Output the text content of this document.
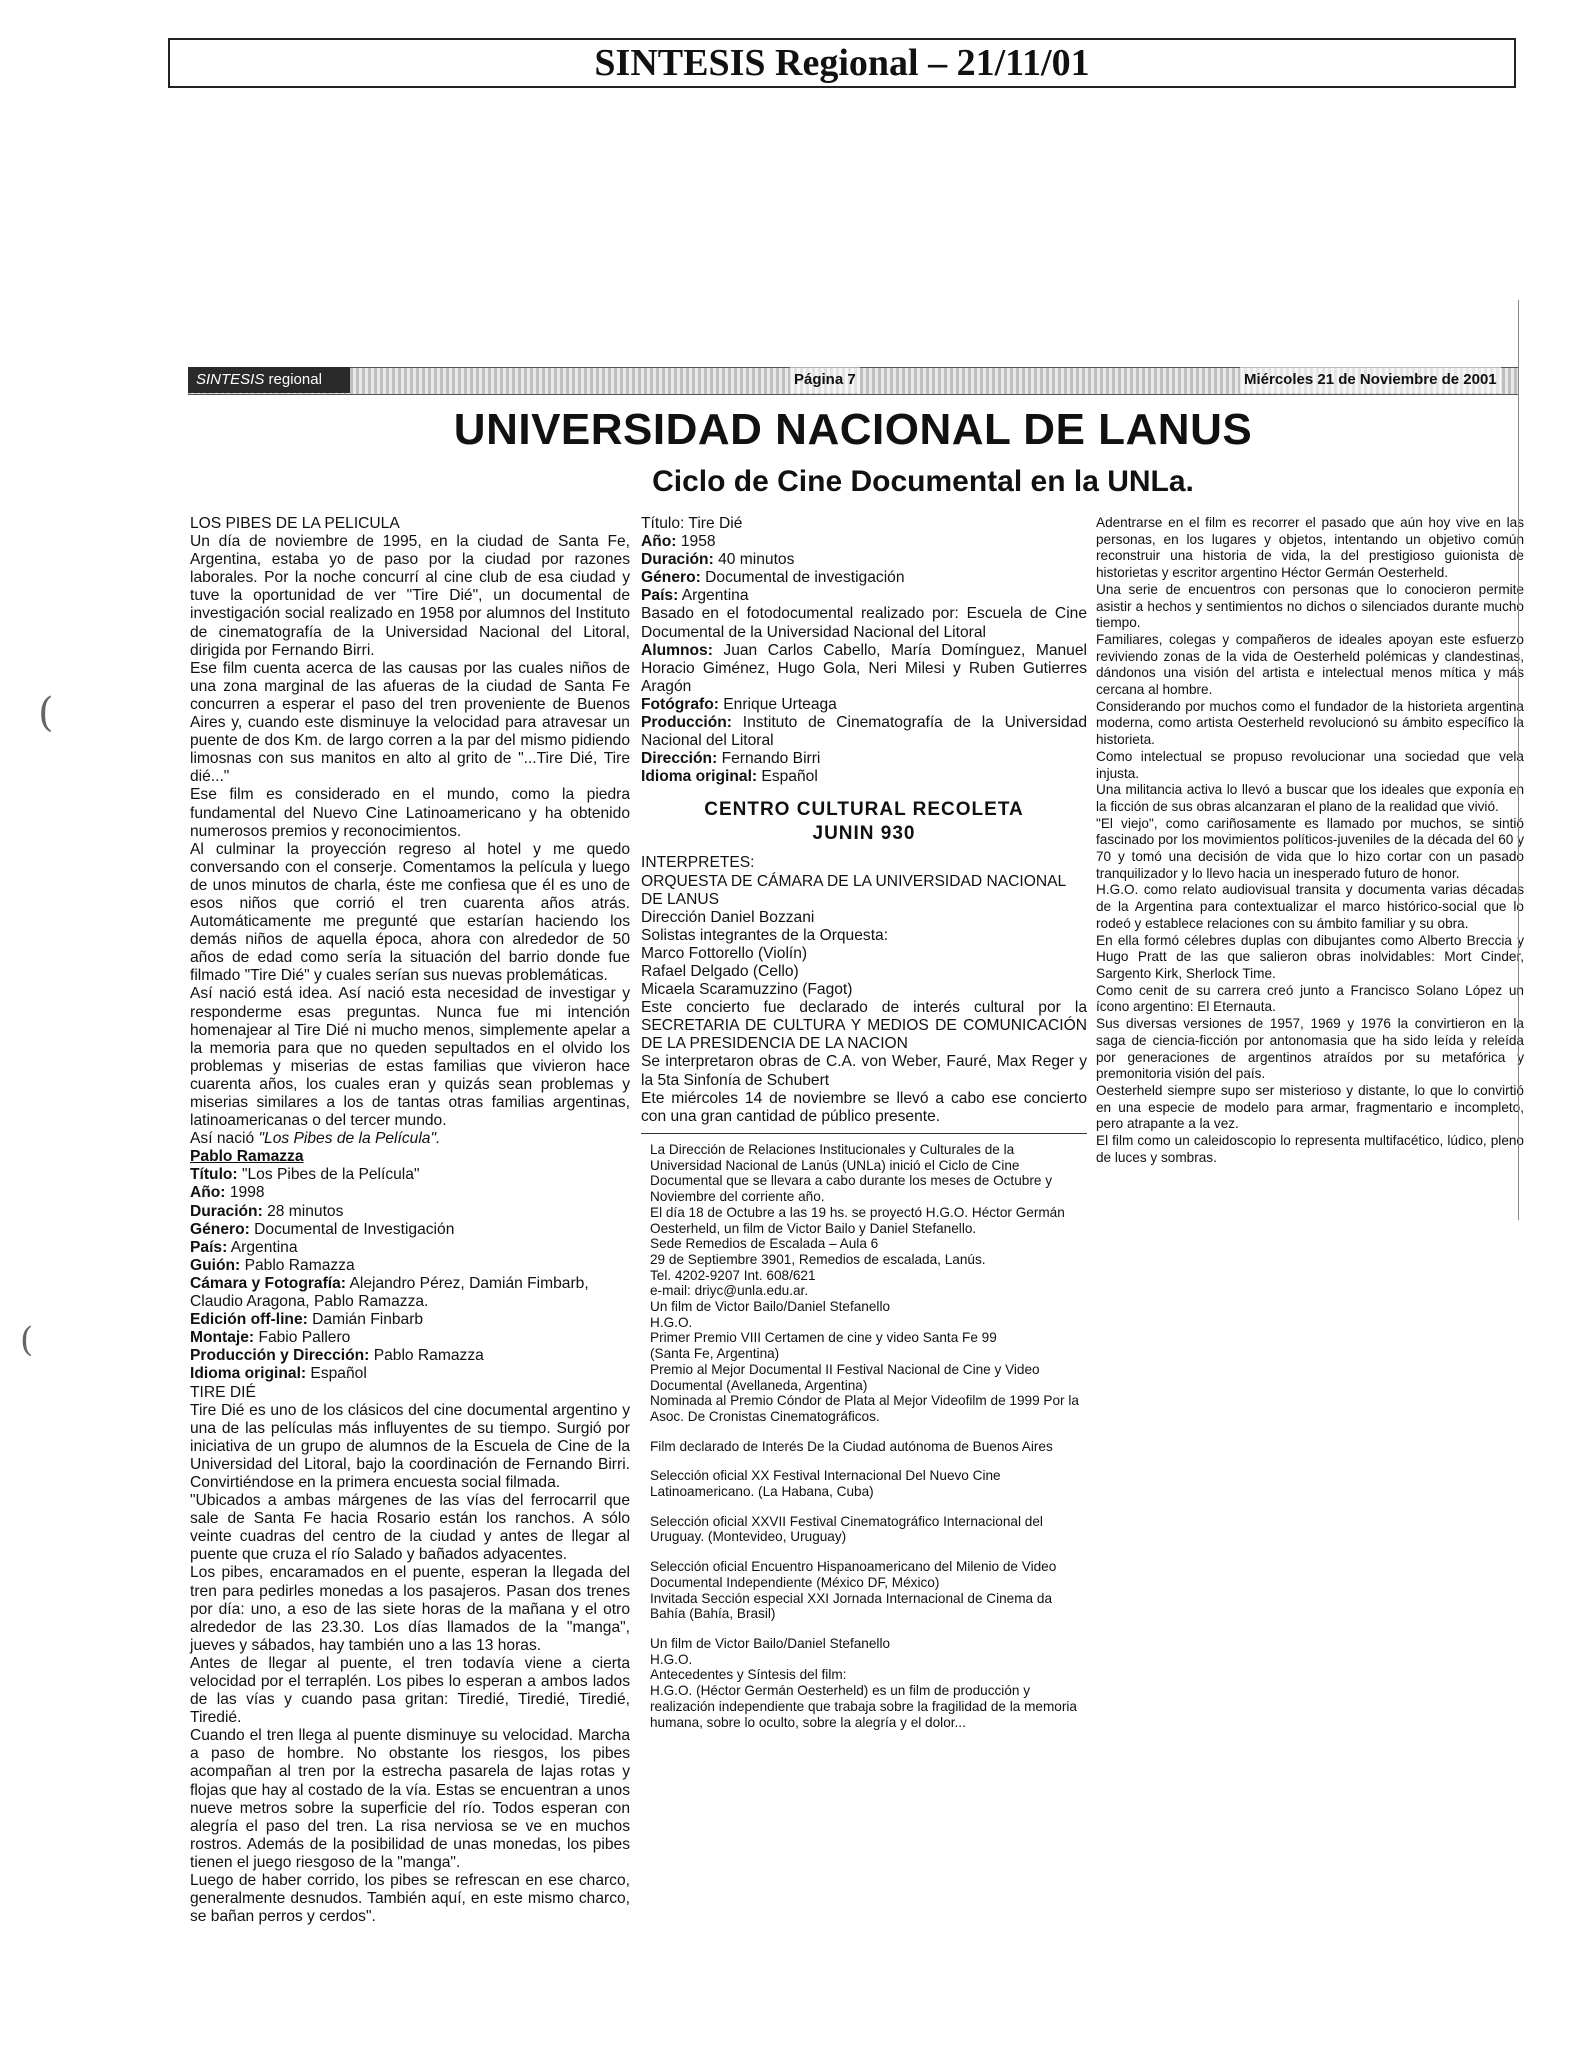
SINTESIS Regional – 21/11/01
SINTESIS regional	Página 7	Miércoles 21 de Noviembre de 2001
UNIVERSIDAD NACIONAL DE LANUS
Ciclo de Cine Documental en la UNLa.

LOS PIBES DE LA PELICULA

Un día de noviembre de 1995, en la ciudad de Santa Fe, Argentina, estaba yo de paso por la ciudad por razones laborales. Por la noche concurrí al cine club de esa ciudad y tuve la oportunidad de ver "Tire Dié", un documental de investigación social realizado en 1958 por alumnos del Instituto de cinematografía de la Universidad Nacional del Litoral, dirigida por Fernando Birri.

Ese film cuenta acerca de las causas por las cuales niños de una zona marginal de las afueras de la ciudad de Santa Fe concurren a esperar el paso del tren proveniente de Buenos Aires y, cuando este disminuye la velocidad para atravesar un puente de dos Km. de largo corren a la par del mismo pidiendo limosnas con sus manitos en alto al grito de "...Tire Dié, Tire dié..."

Ese film es considerado en el mundo, como la piedra fundamental del Nuevo Cine Latinoamericano y ha obtenido numerosos premios y reconocimientos.

Al culminar la proyección regreso al hotel y me quedo conversando con el conserje. Comentamos la película y luego de unos minutos de charla, éste me confiesa que él es uno de esos niños que corrió el tren cuarenta años atrás. Automáticamente me pregunté que estarían haciendo los demás niños de aquella época, ahora con alrededor de 50 años de edad como sería la situación del barrio donde fue filmado "Tire Dié" y cuales serían sus nuevas problemáticas.

Así nació está idea. Así nació esta necesidad de investigar y responderme esas preguntas. Nunca fue mi intención homenajear al Tire Dié ni mucho menos, simplemente apelar a la memoria para que no queden sepultados en el olvido los problemas y miserias de estas familias que vivieron hace cuarenta años, los cuales eran y quizás sean problemas y miserias similares a los de tantas otras familias argentinas, latinoamericanas o del tercer mundo.

Así nació "Los Pibes de la Película".

Pablo Ramazza

Título: "Los Pibes de la Película"

Año: 1998

Duración: 28 minutos

Género: Documental de Investigación

País: Argentina

Guión: Pablo Ramazza

Cámara y Fotografía: Alejandro Pérez, Damián Fimbarb, Claudio Aragona, Pablo Ramazza.

Edición off-line: Damián Finbarb

Montaje: Fabio Pallero

Producción y Dirección: Pablo Ramazza

Idioma original: Español

TIRE DIÉ

Tire Dié es uno de los clásicos del cine documental argentino y una de las películas más influyentes de su tiempo. Surgió por iniciativa de un grupo de alumnos de la Escuela de Cine de la Universidad del Litoral, bajo la coordinación de Fernando Birri. Convirtiéndose en la primera encuesta social filmada.

"Ubicados a ambas márgenes de las vías del ferrocarril que sale de Santa Fe hacia Rosario están los ranchos. A sólo veinte cuadras del centro de la ciudad y antes de llegar al puente que cruza el río Salado y bañados adyacentes.

Los pibes, encaramados en el puente, esperan la llegada del tren para pedirles monedas a los pasajeros. Pasan dos trenes por día: uno, a eso de las siete horas de la mañana y el otro alrededor de las 23.30. Los días llamados de la "manga", jueves y sábados, hay también uno a las 13 horas.

Antes de llegar al puente, el tren todavía viene a cierta velocidad por el terraplén. Los pibes lo esperan a ambos lados de las vías y cuando pasa gritan: Tiredié, Tiredié, Tiredié, Tiredié.

Cuando el tren llega al puente disminuye su velocidad. Marcha a paso de hombre. No obstante los riesgos, los pibes acompañan al tren por la estrecha pasarela de lajas rotas y flojas que hay al costado de la vía. Estas se encuentran a unos nueve metros sobre la superficie del río. Todos esperan con alegría el paso del tren. La risa nerviosa se ve en muchos rostros. Además de la posibilidad de unas monedas, los pibes tienen el juego riesgoso de la "manga".

Luego de haber corrido, los pibes se refrescan en ese charco, generalmente desnudos. También aquí, en este mismo charco, se bañan perros y cerdos".

Título: Tire Dié

Año: 1958

Duración: 40 minutos

Género: Documental de investigación

País: Argentina

Basado en el fotodocumental realizado por: Escuela de Cine Documental de la Universidad Nacional del Litoral

Alumnos: Juan Carlos Cabello, María Domínguez, Manuel Horacio Giménez, Hugo Gola, Neri Milesi y Ruben Gutierres Aragón

Fotógrafo: Enrique Urteaga

Producción: Instituto de Cinematografía de la Universidad Nacional del Litoral

Dirección: Fernando Birri

Idioma original: Español

CENTRO CULTURAL RECOLETA

JUNIN 930

INTERPRETES:

ORQUESTA DE CÁMARA DE LA UNIVERSIDAD NACIONAL DE LANUS

Dirección Daniel Bozzani

Solistas integrantes de la Orquesta:

Marco Fottorello (Violín)

Rafael Delgado (Cello)

Micaela Scaramuzzino (Fagot)

Este concierto fue declarado de interés cultural por la SECRETARIA DE CULTURA Y MEDIOS DE COMUNICACIÓN DE LA PRESIDENCIA DE LA NACION

Se interpretaron obras de C.A. von Weber, Fauré, Max Reger y la 5ta Sinfonía de Schubert

Ete miércoles 14 de noviembre se llevó a cabo ese concierto con una gran cantidad de público presente.

La Dirección de Relaciones Institucionales y Culturales de la Universidad Nacional de Lanús (UNLa) inició el Ciclo de Cine Documental que se llevara a cabo durante los meses de Octubre y Noviembre del corriente año.

El día 18 de Octubre a las 19 hs. se proyectó H.G.O. Héctor Germán Oesterheld, un film de Victor Bailo y Daniel Stefanello.

Sede Remedios de Escalada – Aula 6

29 de Septiembre 3901, Remedios de escalada, Lanús.

Tel. 4202-9207 Int. 608/621

e-mail: driyc@unla.edu.ar.

Un film de Victor Bailo/Daniel Stefanello

H.G.O.

Primer Premio VIII Certamen de cine y video Santa Fe 99

(Santa Fe, Argentina)

Premio al Mejor Documental II Festival Nacional de Cine y Video Documental (Avellaneda, Argentina)

Nominada al Premio Cóndor de Plata al Mejor Videofilm de 1999 Por la Asoc. De Cronistas Cinematográficos.

Film declarado de Interés De la Ciudad autónoma de Buenos Aires

Selección oficial XX Festival Internacional Del Nuevo Cine Latinoamericano. (La Habana, Cuba)

Selección oficial XXVII Festival Cinematográfico Internacional del Uruguay. (Montevideo, Uruguay)

Selección oficial Encuentro Hispanoamericano del Milenio de Video Documental Independiente (México DF, México)

Invitada Sección especial XXI Jornada Internacional de Cinema da Bahía (Bahía, Brasil)

Un film de Victor Bailo/Daniel Stefanello

H.G.O.

Antecedentes y Síntesis del film:

H.G.O. (Héctor Germán Oesterheld) es un film de producción y realización independiente que trabaja sobre la fragilidad de la memoria humana, sobre lo oculto, sobre la alegría y el dolor...

Adentrarse en el film es recorrer el pasado que aún hoy vive en las personas, en los lugares y objetos, intentando un objetivo común reconstruir una historia de vida, la del prestigioso guionista de historietas y escritor argentino Héctor Germán Oesterheld.

Una serie de encuentros con personas que lo conocieron permite asistir a hechos y sentimientos no dichos o silenciados durante mucho tiempo.

Familiares, colegas y compañeros de ideales apoyan este esfuerzo reviviendo zonas de la vida de Oesterheld polémicas y clandestinas, dándonos una visión del artista e intelectual menos mítica y más cercana al hombre.

Considerando por muchos como el fundador de la historieta argentina moderna, como artista Oesterheld revolucionó su ámbito específico la historieta.

Como intelectual se propuso revolucionar una sociedad que vela injusta.

Una militancia activa lo llevó a buscar que los ideales que exponía en la ficción de sus obras alcanzaran el plano de la realidad que vivió.

"El viejo", como cariñosamente es llamado por muchos, se sintió fascinado por los movimientos políticos-juveniles de la década del 60 y 70 y tomó una decisión de vida que lo hizo cortar con un pasado tranquilizador y lo llevo hacia un inesperado futuro de honor.

H.G.O. como relato audiovisual transita y documenta varias décadas de la Argentina para contextualizar el marco histórico-social que lo rodeó y establece relaciones con su ámbito familiar y su obra.

En ella formó célebres duplas con dibujantes como Alberto Breccia y Hugo Pratt de las que salieron obras inolvidables: Mort Cinder, Sargento Kirk, Sherlock Time.

Como cenit de su carrera creó junto a Francisco Solano López un ícono argentino: El Eternauta.

Sus diversas versiones de 1957, 1969 y 1976 la convirtieron en la saga de ciencia-ficción por antonomasia que ha sido leída y releída por generaciones de argentinos atraídos por su metafórica y premonitoria visión del país.

Oesterheld siempre supo ser misterioso y distante, lo que lo convirtió en una especie de modelo para armar, fragmentario e incompleto, pero atrapante a la vez.

El film como un caleidoscopio lo representa multifacético, lúdico, pleno de luces y sombras.

(
(
